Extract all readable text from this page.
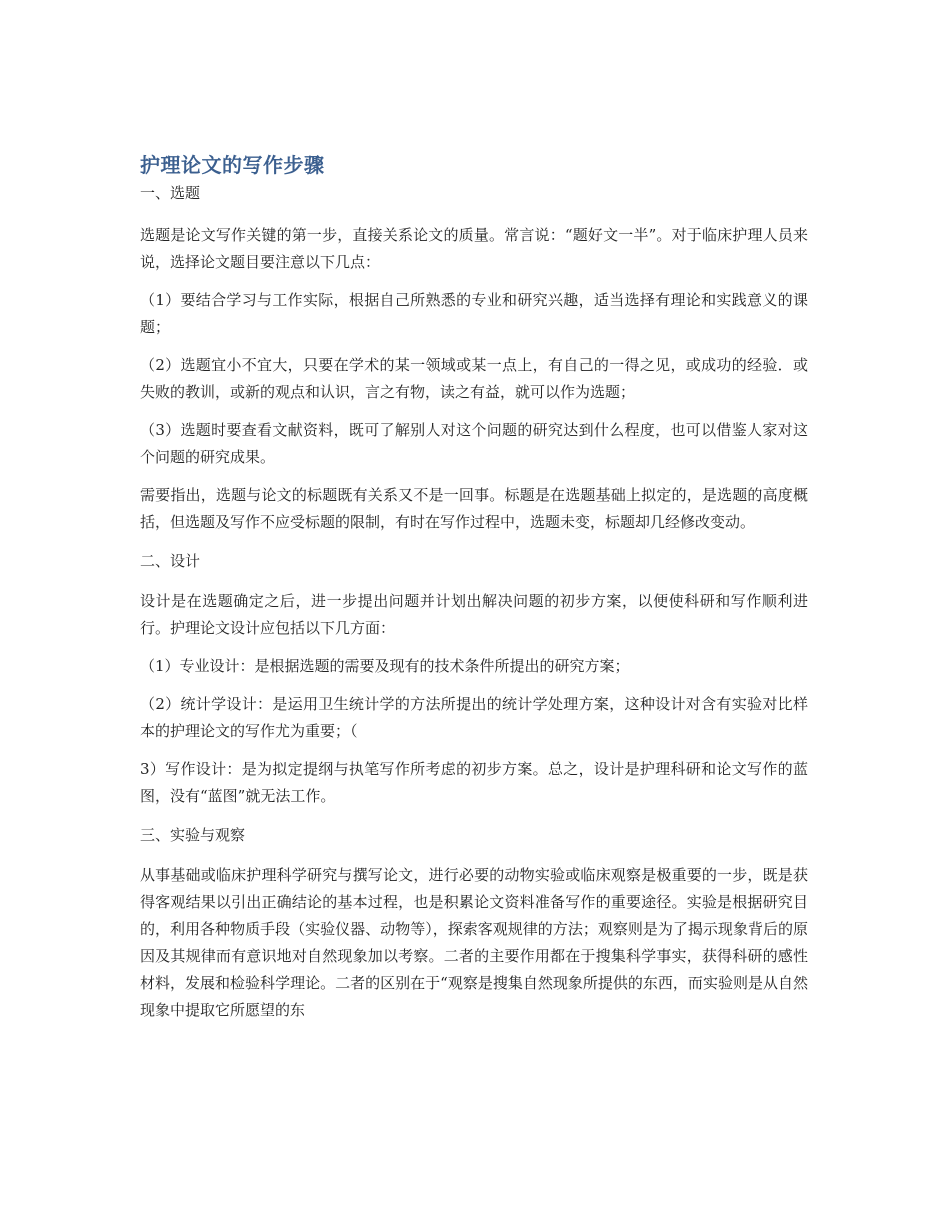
护理论文的写作步骤

一、选题

选题是论文写作关键的第一步，直接关系论文的质量。常言说：“题好文一半”。对于临床护理人员来说，选择论文题目要注意以下几点：

（1）要结合学习与工作实际，根据自己所熟悉的专业和研究兴趣，适当选择有理论和实践意义的课题；

（2）选题宜小不宜大，只要在学术的某一领域或某一点上，有自己的一得之见，或成功的经验．或失败的教训，或新的观点和认识，言之有物，读之有益，就可以作为选题；

（3）选题时要查看文献资料，既可了解别人对这个问题的研究达到什么程度，也可以借鉴人家对这个问题的研究成果。

需要指出，选题与论文的标题既有关系又不是一回事。标题是在选题基础上拟定的，是选题的高度概括，但选题及写作不应受标题的限制，有时在写作过程中，选题未变，标题却几经修改变动。

二、设计

设计是在选题确定之后，进一步提出问题并计划出解决问题的初步方案，以便使科研和写作顺利进行。护理论文设计应包括以下几方面：

（1）专业设计：是根据选题的需要及现有的技术条件所提出的研究方案；

（2）统计学设计：是运用卫生统计学的方法所提出的统计学处理方案，这种设计对含有实验对比样本的护理论文的写作尤为重要；（

3）写作设计：是为拟定提纲与执笔写作所考虑的初步方案。总之，设计是护理科研和论文写作的蓝图，没有“蓝图”就无法工作。

三、实验与观察

从事基础或临床护理科学研究与撰写论文，进行必要的动物实验或临床观察是极重要的一步，既是获得客观结果以引出正确结论的基本过程，也是积累论文资料准备写作的重要途径。实验是根据研究目的，利用各种物质手段（实验仪器、动物等），探索客观规律的方法；观察则是为了揭示现象背后的原因及其规律而有意识地对自然现象加以考察。二者的主要作用都在于搜集科学事实，获得科研的感性材料，发展和检验科学理论。二者的区别在于“观察是搜集自然现象所提供的东西，而实验则是从自然现象中提取它所愿望的东
